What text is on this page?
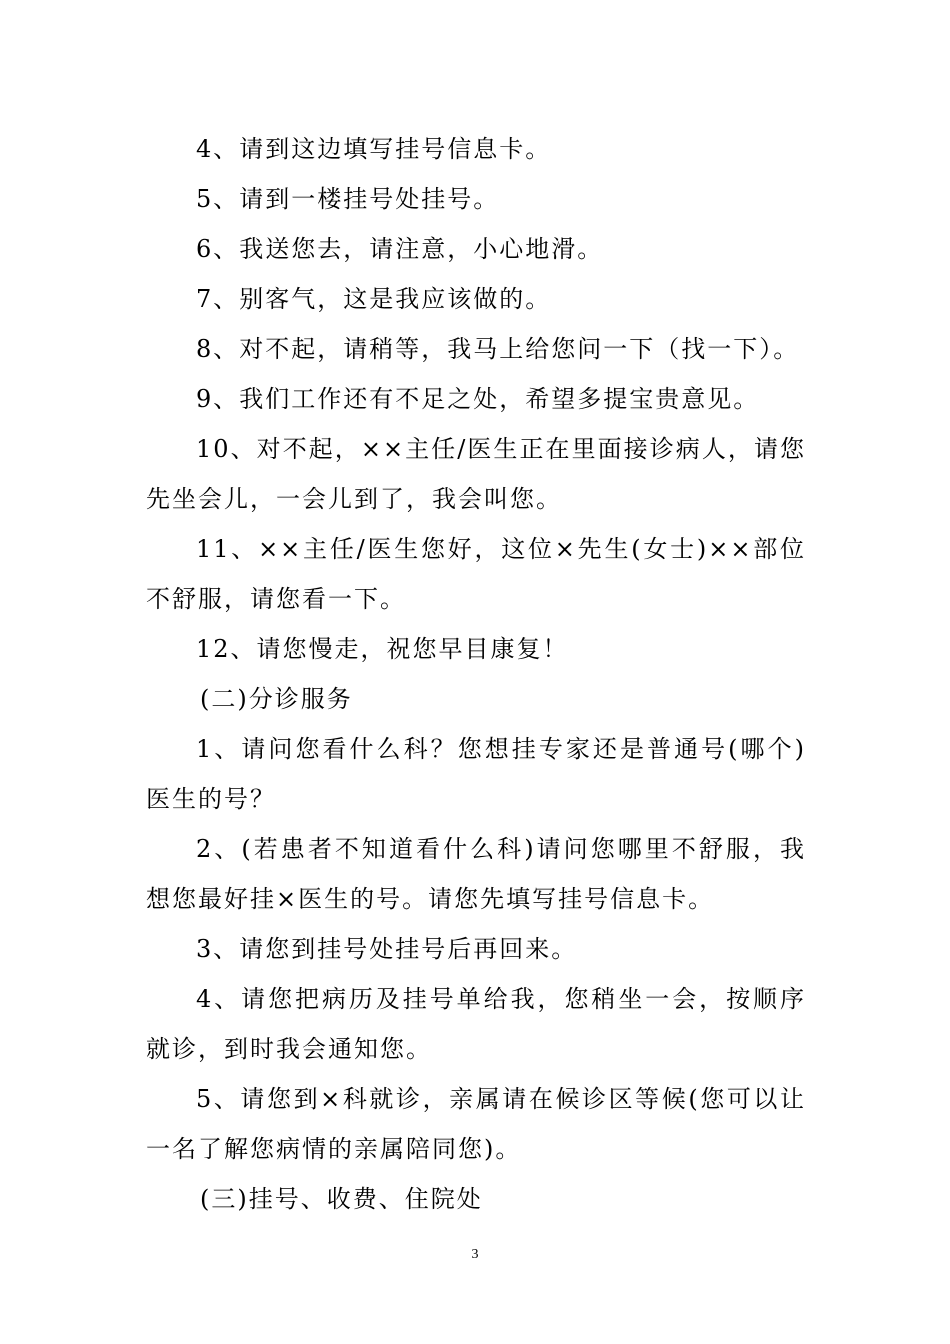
4、请到这边填写挂号信息卡。

5、请到一楼挂号处挂号。

6、我送您去，请注意，小心地滑。

7、别客气，这是我应该做的。

8、对不起，请稍等，我马上给您问一下（找一下）。

9、我们工作还有不足之处，希望多提宝贵意见。

10、对不起，××主任/医生正在里面接诊病人，请您先坐会儿，一会儿到了，我会叫您。

11、××主任/医生您好，这位×先生(女士)××部位不舒服，请您看一下。

12、请您慢走，祝您早目康复！

(二)分诊服务

1、请问您看什么科？您想挂专家还是普通号(哪个)医生的号？

2、(若患者不知道看什么科)请问您哪里不舒服，我想您最好挂×医生的号。请您先填写挂号信息卡。

3、请您到挂号处挂号后再回来。

4、请您把病历及挂号单给我，您稍坐一会，按顺序就诊，到时我会通知您。

5、请您到×科就诊，亲属请在候诊区等候(您可以让一名了解您病情的亲属陪同您)。

(三)挂号、收费、住院处

3
